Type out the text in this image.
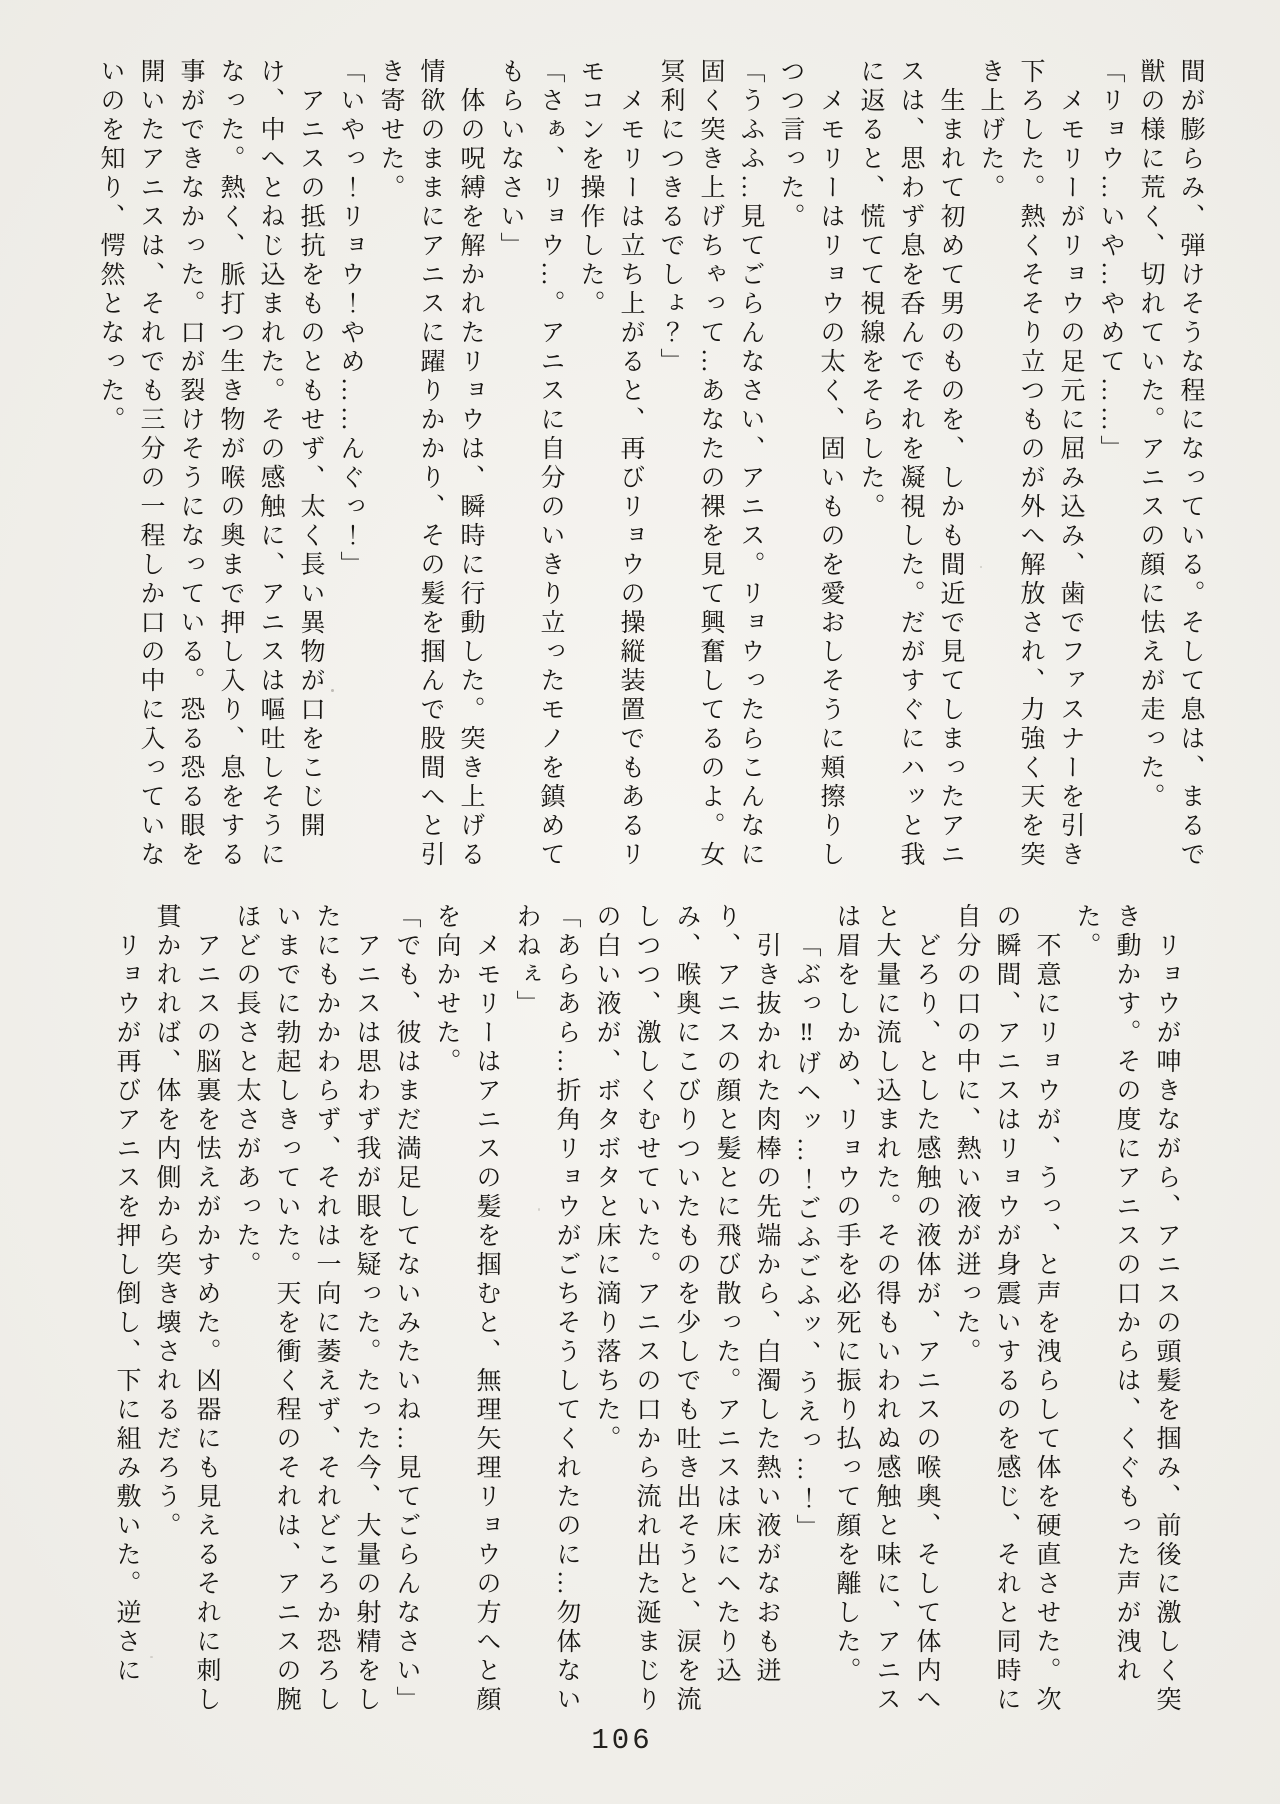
間が膨らみ、弾けそうな程になっている。そして息は、まるで獣の様に荒く、切れていた。アニスの顔に怯えが走った。

「リョウ…いや…やめて……」

メモリーがリョウの足元に屈み込み、歯でファスナーを引き下ろした。熱くそそり立つものが外へ解放され、力強く天を突き上げた。

生まれて初めて男のものを、しかも間近で見てしまったアニスは、思わず息を呑んでそれを凝視した。だがすぐにハッと我に返ると、慌てて視線をそらした。

メモリーはリョウの太く、固いものを愛おしそうに頬擦りしつつ言った。

「うふふ…見てごらんなさい、アニス。リョウったらこんなに固く突き上げちゃって…あなたの裸を見て興奮してるのよ。女冥利につきるでしょ？」

メモリーは立ち上がると、再びリョウの操縦装置でもあるリモコンを操作した。

「さぁ、リョウ…。アニスに自分のいきり立ったモノを鎮めてもらいなさい」

体の呪縛を解かれたリョウは、瞬時に行動した。突き上げる情欲のままにアニスに躍りかかり、その髪を掴んで股間へと引き寄せた。

「いやっ！リョウ！やめ……んぐっ！」

アニスの抵抗をものともせず、太く長い異物が口をこじ開け、中へとねじ込まれた。その感触に、アニスは嘔吐しそうになった。熱く、脈打つ生き物が喉の奥まで押し入り、息をする事ができなかった。口が裂けそうになっている。恐る恐る眼を開いたアニスは、それでも三分の一程しか口の中に入っていないのを知り、愕然となった。

リョウが呻きながら、アニスの頭髪を掴み、前後に激しく突き動かす。その度にアニスの口からは、くぐもった声が洩れた。

不意にリョウが、うっ、と声を洩らして体を硬直させた。次の瞬間、アニスはリョウが身震いするのを感じ、それと同時に自分の口の中に、熱い液が迸った。

どろり、とした感触の液体が、アニスの喉奥、そして体内へと大量に流し込まれた。その得もいわれぬ感触と味に、アニスは眉をしかめ、リョウの手を必死に振り払って顔を離した。

「ぶっ‼げヘッ…！ごふごふッ、うえっ…！」

引き抜かれた肉棒の先端から、白濁した熱い液がなおも迸り、アニスの顔と髪とに飛び散った。アニスは床にへたり込み、喉奥にこびりついたものを少しでも吐き出そうと、涙を流しつつ、激しくむせていた。アニスの口から流れ出た涎まじりの白い液が、ボタボタと床に滴り落ちた。

「あらあら…折角リョウがごちそうしてくれたのに…勿体ないわねぇ」

メモリーはアニスの髪を掴むと、無理矢理リョウの方へと顔を向かせた。

「でも、彼はまだ満足してないみたいね…見てごらんなさい」

アニスは思わず我が眼を疑った。たった今、大量の射精をしたにもかかわらず、それは一向に萎えず、それどころか恐ろしいまでに勃起しきっていた。天を衝く程のそれは、アニスの腕ほどの長さと太さがあった。

アニスの脳裏を怯えがかすめた。凶器にも見えるそれに刺し貫かれれば、体を内側から突き壊されるだろう。

リョウが再びアニスを押し倒し、下に組み敷いた。逆さに

106
